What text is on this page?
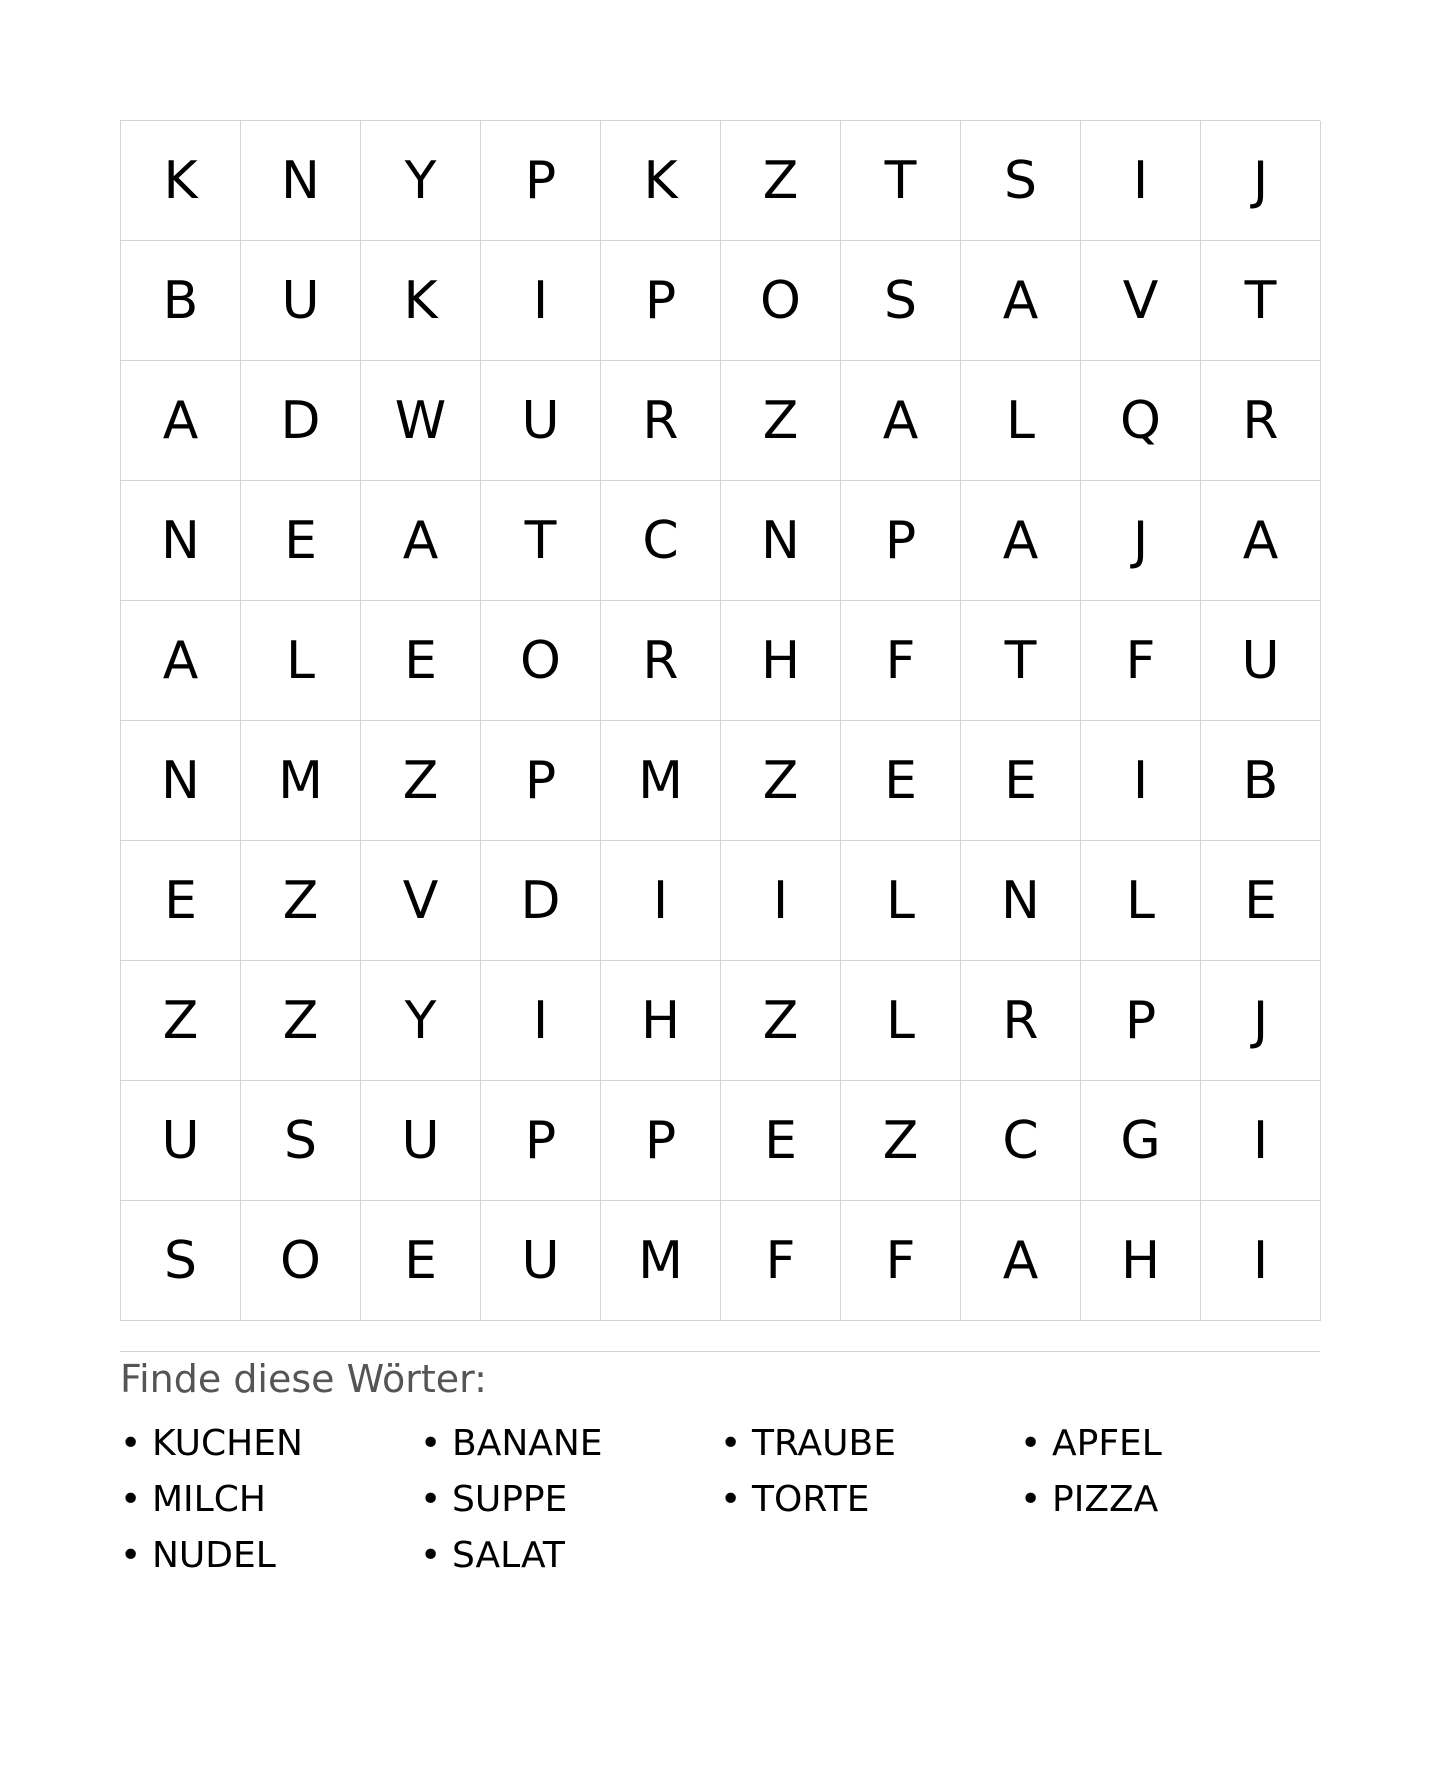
K	N	Y	P	K	Z	T	S	I	J
B	U	K	I	P	O	S	A	V	T
A	D	W	U	R	Z	A	L	Q	R
N	E	A	T	C	N	P	A	J	A
A	L	E	O	R	H	F	T	F	U
N	M	Z	P	M	Z	E	E	I	B
E	Z	V	D	I	I	L	N	L	E
Z	Z	Y	I	H	Z	L	R	P	J
U	S	U	P	P	E	Z	C	G	I
S	O	E	U	M	F	F	A	H	I
Finde diese Wörter:
• KUCHEN	• BANANE	• TRAUBE	• APFEL
• MILCH	• SUPPE	• TORTE	• PIZZA
• NUDEL	• SALAT
